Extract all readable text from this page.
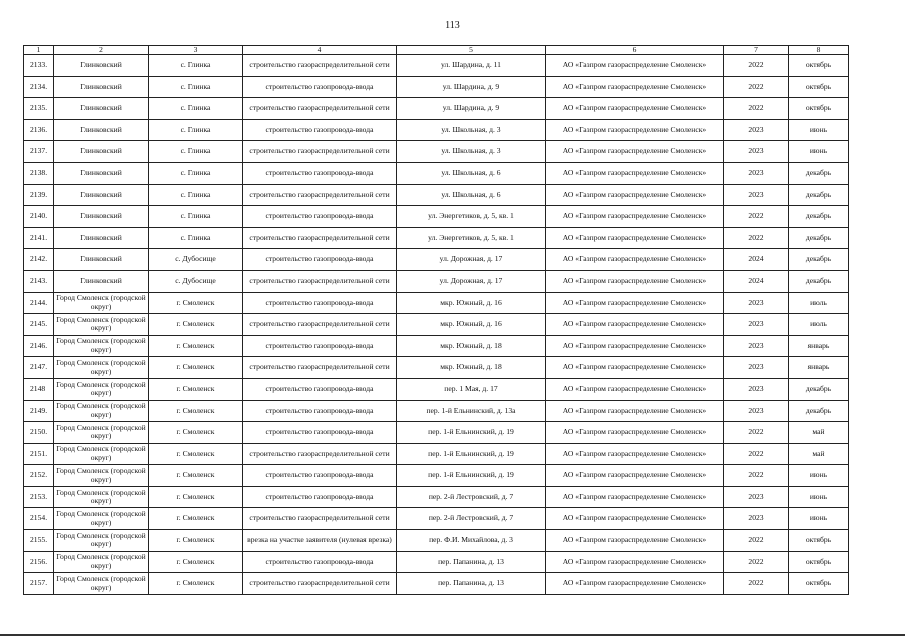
113
1	2	3	4	5	6	7	8
2133.	Глинковский	с. Глинка	строительство газораспределительной сети	ул. Шардина, д. 11	АО «Газпром газораспределение Смоленск»	2022	октябрь
2134.	Глинковский	с. Глинка	строительство газопровода-ввода	ул. Шардина, д. 9	АО «Газпром газораспределение Смоленск»	2022	октябрь
2135.	Глинковский	с. Глинка	строительство газораспределительной сети	ул. Шардина, д. 9	АО «Газпром газораспределение Смоленск»	2022	октябрь
2136.	Глинковский	с. Глинка	строительство газопровода-ввода	ул. Школьная, д. 3	АО «Газпром газораспределение Смоленск»	2023	июнь
2137.	Глинковский	с. Глинка	строительство газораспределительной сети	ул. Школьная, д. 3	АО «Газпром газораспределение Смоленск»	2023	июнь
2138.	Глинковский	с. Глинка	строительство газопровода-ввода	ул. Школьная, д. 6	АО «Газпром газораспределение Смоленск»	2023	декабрь
2139.	Глинковский	с. Глинка	строительство газораспределительной сети	ул. Школьная, д. 6	АО «Газпром газораспределение Смоленск»	2023	декабрь
2140.	Глинковский	с. Глинка	строительство газопровода-ввода	ул. Энергетиков, д. 5, кв. 1	АО «Газпром газораспределение Смоленск»	2022	декабрь
2141.	Глинковский	с. Глинка	строительство газораспределительной сети	ул. Энергетиков, д. 5, кв. 1	АО «Газпром газораспределение Смоленск»	2022	декабрь
2142.	Глинковский	с. Дубосище	строительство газопровода-ввода	ул. Дорожная, д. 17	АО «Газпром газораспределение Смоленск»	2024	декабрь
2143.	Глинковский	с. Дубосище	строительство газораспределительной сети	ул. Дорожная, д. 17	АО «Газпром газораспределение Смоленск»	2024	декабрь
2144.	Город Смоленск (городской округ)	г. Смоленск	строительство газопровода-ввода	мкр. Южный, д. 16	АО «Газпром газораспределение Смоленск»	2023	июль
2145.	Город Смоленск (городской округ)	г. Смоленск	строительство газораспределительной сети	мкр. Южный, д. 16	АО «Газпром газораспределение Смоленск»	2023	июль
2146.	Город Смоленск (городской округ)	г. Смоленск	строительство газопровода-ввода	мкр. Южный, д. 18	АО «Газпром газораспределение Смоленск»	2023	январь
2147.	Город Смоленск (городской округ)	г. Смоленск	строительство газораспределительной сети	мкр. Южный, д. 18	АО «Газпром газораспределение Смоленск»	2023	январь
2148	Город Смоленск (городской округ)	г. Смоленск	строительство газопровода-ввода	пер. 1 Мая, д. 17	АО «Газпром газораспределение Смоленск»	2023	декабрь
2149.	Город Смоленск (городской округ)	г. Смоленск	строительство газопровода-ввода	пер. 1-й Ельнинский, д. 13а	АО «Газпром газораспределение Смоленск»	2023	декабрь
2150.	Город Смоленск (городской округ)	г. Смоленск	строительство газопровода-ввода	пер. 1-й Ельнинский, д. 19	АО «Газпром газораспределение Смоленск»	2022	май
2151.	Город Смоленск (городской округ)	г. Смоленск	строительство газораспределительной сети	пер. 1-й Ельнинский, д. 19	АО «Газпром газораспределение Смоленск»	2022	май
2152.	Город Смоленск (городской округ)	г. Смоленск	строительство газопровода-ввода	пер. 1-й Ельнинский, д. 19	АО «Газпром газораспределение Смоленск»	2022	июнь
2153.	Город Смоленск (городской округ)	г. Смоленск	строительство газопровода-ввода	пер. 2-й Лестровский, д. 7	АО «Газпром газораспределение Смоленск»	2023	июнь
2154.	Город Смоленск (городской округ)	г. Смоленск	строительство газораспределительной сети	пер. 2-й Лестровский, д. 7	АО «Газпром газораспределение Смоленск»	2023	июнь
2155.	Город Смоленск (городской округ)	г. Смоленск	врезка на участке заявителя (нулевая врезка)	пер. Ф.И. Михайлова, д. 3	АО «Газпром газораспределение Смоленск»	2022	октябрь
2156.	Город Смоленск (городской округ)	г. Смоленск	строительство газопровода-ввода	пер. Папанина, д. 13	АО «Газпром газораспределение Смоленск»	2022	октябрь
2157.	Город Смоленск (городской округ)	г. Смоленск	строительство газораспределительной сети	пер. Папанина, д. 13	АО «Газпром газораспределение Смоленск»	2022	октябрь
